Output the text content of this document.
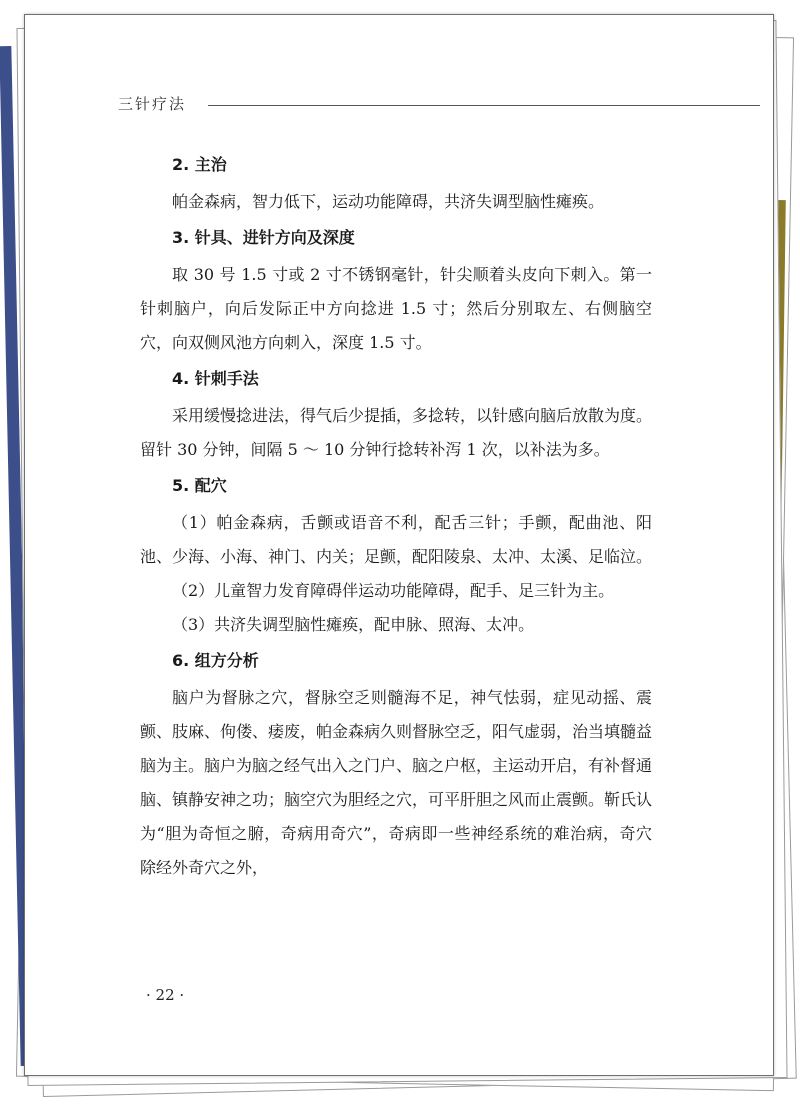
三针疗法
2. 主治

帕金森病，智力低下，运动功能障碍，共济失调型脑性瘫痪。

3. 针具、进针方向及深度

取 30 号 1.5 寸或 2 寸不锈钢毫针，针尖顺着头皮向下刺入。第一针刺脑户，向后发际正中方向捻进 1.5 寸；然后分别取左、右侧脑空穴，向双侧风池方向刺入，深度 1.5 寸。

4. 针刺手法

采用缓慢捻进法，得气后少提插，多捻转，以针感向脑后放散为度。留针 30 分钟，间隔 5 ～ 10 分钟行捻转补泻 1 次，以补法为多。

5. 配穴

（1）帕金森病，舌颤或语音不利，配舌三针；手颤，配曲池、阳池、少海、小海、神门、内关；足颤，配阳陵泉、太冲、太溪、足临泣。

（2）儿童智力发育障碍伴运动功能障碍，配手、足三针为主。

（3）共济失调型脑性瘫痪，配申脉、照海、太冲。

6. 组方分析

脑户为督脉之穴，督脉空乏则髓海不足，神气怯弱，症见动摇、震颤、肢麻、佝偻、痿废，帕金森病久则督脉空乏，阳气虚弱，治当填髓益脑为主。脑户为脑之经气出入之门户、脑之户枢，主运动开启，有补督通脑、镇静安神之功；脑空穴为胆经之穴，可平肝胆之风而止震颤。靳氏认为“胆为奇恒之腑，奇病用奇穴”，奇病即一些神经系统的难治病，奇穴除经外奇穴之外，

· 22 ·
